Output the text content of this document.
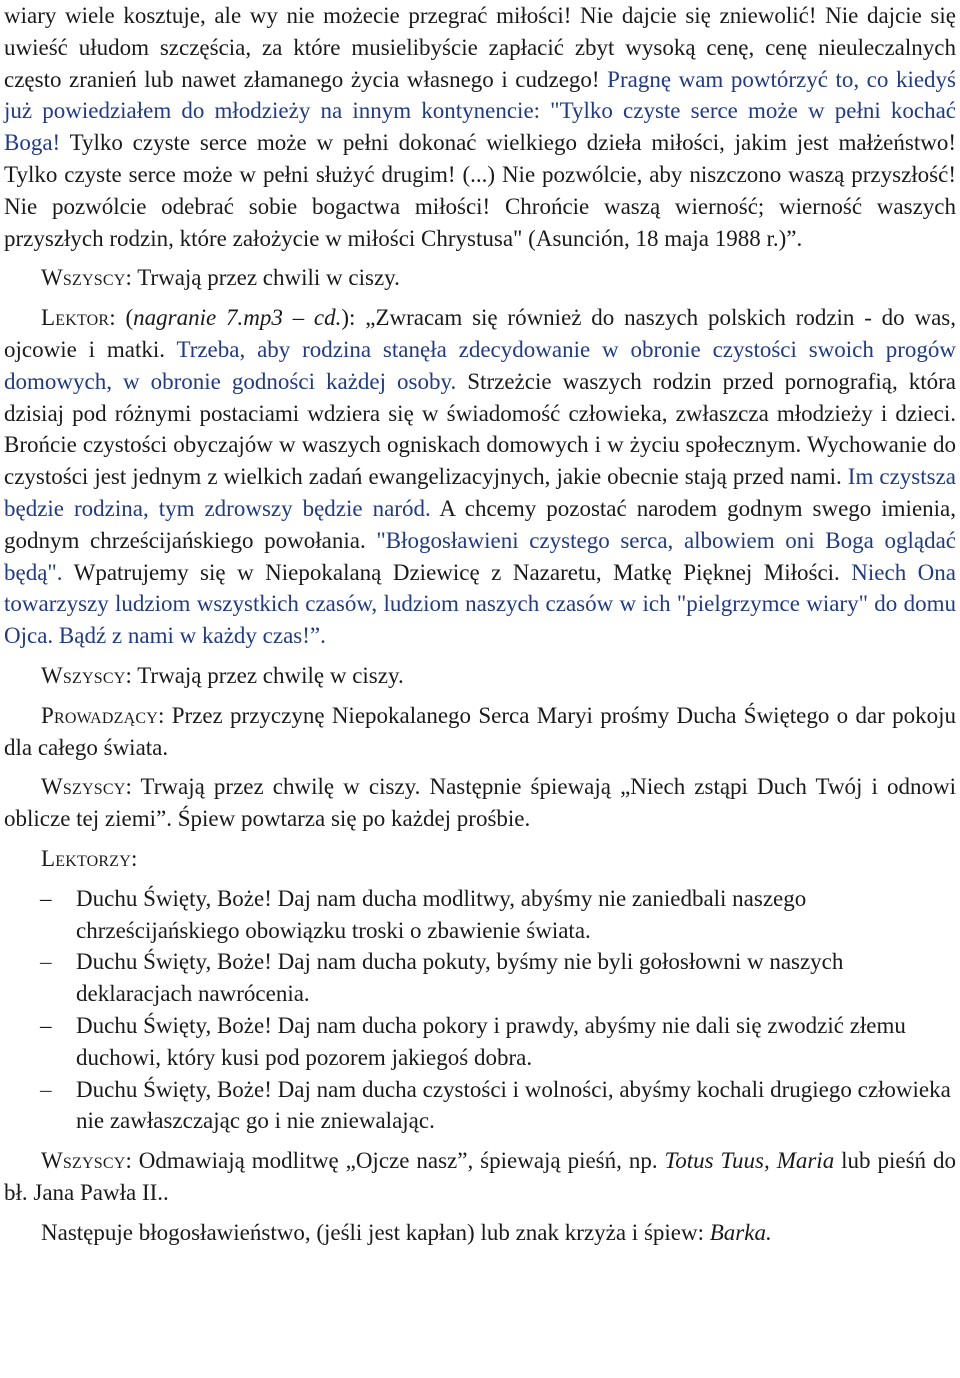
wiary wiele kosztuje, ale wy nie możecie przegrać miłości! Nie dajcie się zniewolić! Nie dajcie się uwieść ułudom szczęścia, za które musielibyście zapłacić zbyt wysoką cenę, cenę nieuleczalnych często zranień lub nawet złamanego życia własnego i cudzego! Pragnę wam powtórzyć to, co kiedyś już powiedziałem do młodzieży na innym kontynencie: "Tylko czyste serce może w pełni kochać Boga! Tylko czyste serce może w pełni dokonać wielkiego dzieła miłości, jakim jest małżeństwo! Tylko czyste serce może w pełni służyć drugim! (...) Nie pozwólcie, aby niszczono waszą przyszłość! Nie pozwólcie odebrać sobie bogactwa miłości! Chrońcie waszą wierność; wierność waszych przyszłych rodzin, które założycie w miłości Chrystusa" (Asunción, 18 maja 1988 r.)”.

Wszyscy: Trwają przez chwili w ciszy.

Lektor: (nagranie 7.mp3 – cd.): „Zwracam się również do naszych polskich rodzin - do was, ojcowie i matki. Trzeba, aby rodzina stanęła zdecydowanie w obronie czystości swoich progów domowych, w obronie godności każdej osoby. Strzeżcie waszych rodzin przed pornografią, która dzisiaj pod różnymi postaciami wdziera się w świadomość człowieka, zwłaszcza młodzieży i dzieci. Brońcie czystości obyczajów w waszych ogniskach domowych i w życiu społecznym. Wychowanie do czystości jest jednym z wielkich zadań ewangelizacyjnych, jakie obecnie stają przed nami. Im czystsza będzie rodzina, tym zdrowszy będzie naród. A chcemy pozostać narodem godnym swego imienia, godnym chrześcijańskiego powołania. "Błogosławieni czystego serca, albowiem oni Boga oglądać będą". Wpatrujemy się w Niepokalaną Dziewicę z Nazaretu, Matkę Pięknej Miłości. Niech Ona towarzyszy ludziom wszystkich czasów, ludziom naszych czasów w ich "pielgrzymce wiary" do domu Ojca. Bądź z nami w każdy czas!”.

Wszyscy: Trwają przez chwilę w ciszy.

Prowadzący: Przez przyczynę Niepokalanego Serca Maryi prośmy Ducha Świętego o dar pokoju dla całego świata.

Wszyscy: Trwają przez chwilę w ciszy. Następnie śpiewają „Niech zstąpi Duch Twój i odnowi oblicze tej ziemi”. Śpiew powtarza się po każdej prośbie.

Lektorzy:

– Duchu Święty, Boże! Daj nam ducha modlitwy, abyśmy nie zaniedbali naszego chrześcijańskiego obowiązku troski o zbawienie świata.
– Duchu Święty, Boże! Daj nam ducha pokuty, byśmy nie byli gołosłowni w naszych deklaracjach nawrócenia.
– Duchu Święty, Boże! Daj nam ducha pokory i prawdy, abyśmy nie dali się zwodzić złemu duchowi, który kusi pod pozorem jakiegoś dobra.
– Duchu Święty, Boże! Daj nam ducha czystości i wolności, abyśmy kochali drugiego człowieka nie zawłaszczając go i nie zniewalając.

Wszyscy: Odmawiają modlitwę „Ojcze nasz”, śpiewają pieśń, np. Totus Tuus, Maria lub pieśń do bł. Jana Pawła II..

Następuje błogosławieństwo, (jeśli jest kapłan) lub znak krzyża i śpiew: Barka.
